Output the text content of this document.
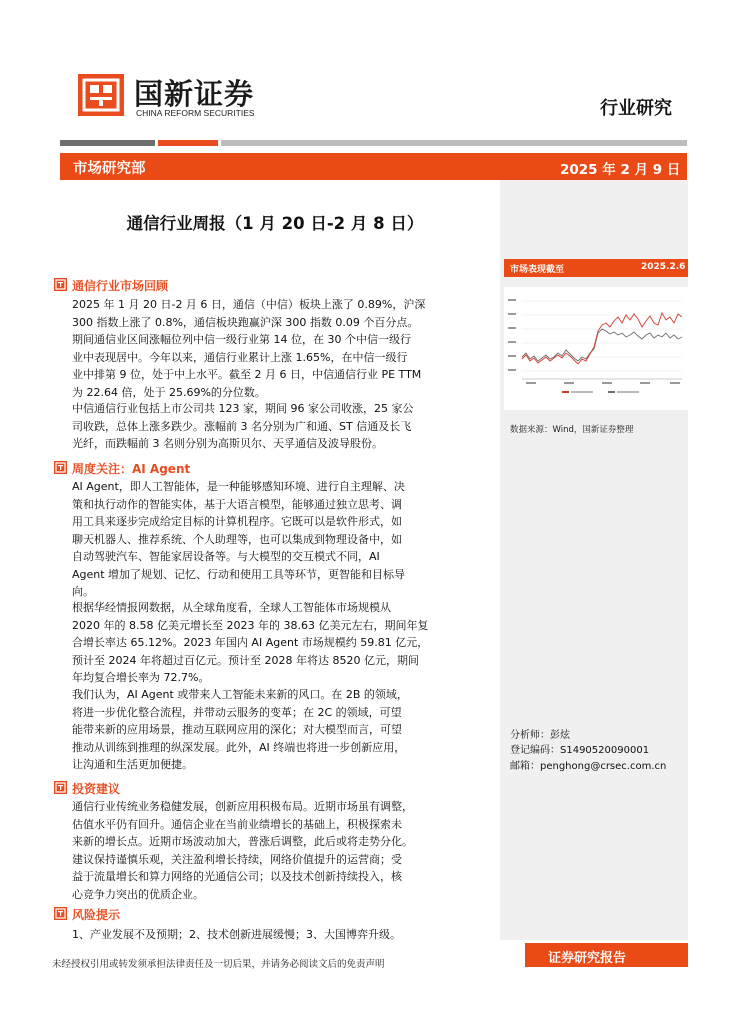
国新证券
CHINA REFORM SECURITIES	行业研究
市场研究部	2025 年 2 月 9 日
通信行业周报（1 月 20 日-2 月 8 日）
市场表现截至	2025.2.6
数据来源：Wind，国新证券整理
分析师：彭炫
登记编码：S1490520090001
邮箱：penghong@crsec.com.cn
通信行业市场回顾

2025 年 1 月 20 日-2 月 6 日，通信（中信）板块上涨了 0.89%，沪深
300 指数上涨了 0.8%，通信板块跑赢沪深 300 指数 0.09 个百分点。
期间通信业区间涨幅位列中信一级行业第 14 位，在 30 个中信一级行
业中表现居中。今年以来，通信行业累计上涨 1.65%，在中信一级行
业中排第 9 位，处于中上水平。截至 2 月 6 日，中信通信行业 PE TTM
为 22.64 倍，处于 25.69%的分位数。

中信通信行业包括上市公司共 123 家，期间 96 家公司收涨，25 家公
司收跌，总体上涨多跌少。涨幅前 3 名分别为广和通、ST 信通及长飞
光纤，而跌幅前 3 名则分别为高斯贝尔、天孚通信及波导股份。

周度关注：AI Agent

AI Agent，即人工智能体，是一种能够感知环境、进行自主理解、决
策和执行动作的智能实体，基于大语言模型，能够通过独立思考、调
用工具来逐步完成给定目标的计算机程序。它既可以是软件形式，如
聊天机器人、推荐系统、个人助理等，也可以集成到物理设备中，如
自动驾驶汽车、智能家居设备等。与大模型的交互模式不同，AI
Agent 增加了规划、记忆、行动和使用工具等环节，更智能和目标导
向。

根据华经情报网数据，从全球角度看，全球人工智能体市场规模从
2020 年的 8.58 亿美元增长至 2023 年的 38.63 亿美元左右，期间年复
合增长率达 65.12%。2023 年国内 AI Agent 市场规模约 59.81 亿元，
预计至 2024 年将超过百亿元。预计至 2028 年将达 8520 亿元，期间
年均复合增长率为 72.7%。

我们认为，AI Agent 或带来人工智能未来新的风口。在 2B 的领域，
将进一步优化整合流程，并带动云服务的变革；在 2C 的领域，可望
能带来新的应用场景，推动互联网应用的深化；对大模型而言，可望
推动从训练到推理的纵深发展。此外，AI 终端也将进一步创新应用，
让沟通和生活更加便捷。

投资建议

通信行业传统业务稳健发展，创新应用积极布局。近期市场虽有调整，
估值水平仍有回升。通信企业在当前业绩增长的基础上，积极探索未
来新的增长点。近期市场波动加大，普涨后调整，此后或将走势分化。
建议保持谨慎乐观，关注盈利增长持续，网络价值提升的运营商；受
益于流量增长和算力网络的光通信公司；以及技术创新持续投入，核
心竞争力突出的优质企业。

风险提示

1、产业发展不及预期；2、技术创新进展缓慢；3、大国博弈升级。

证券研究报告
未经授权引用或转发须承担法律责任及一切后果，并请务必阅读文后的免责声明
